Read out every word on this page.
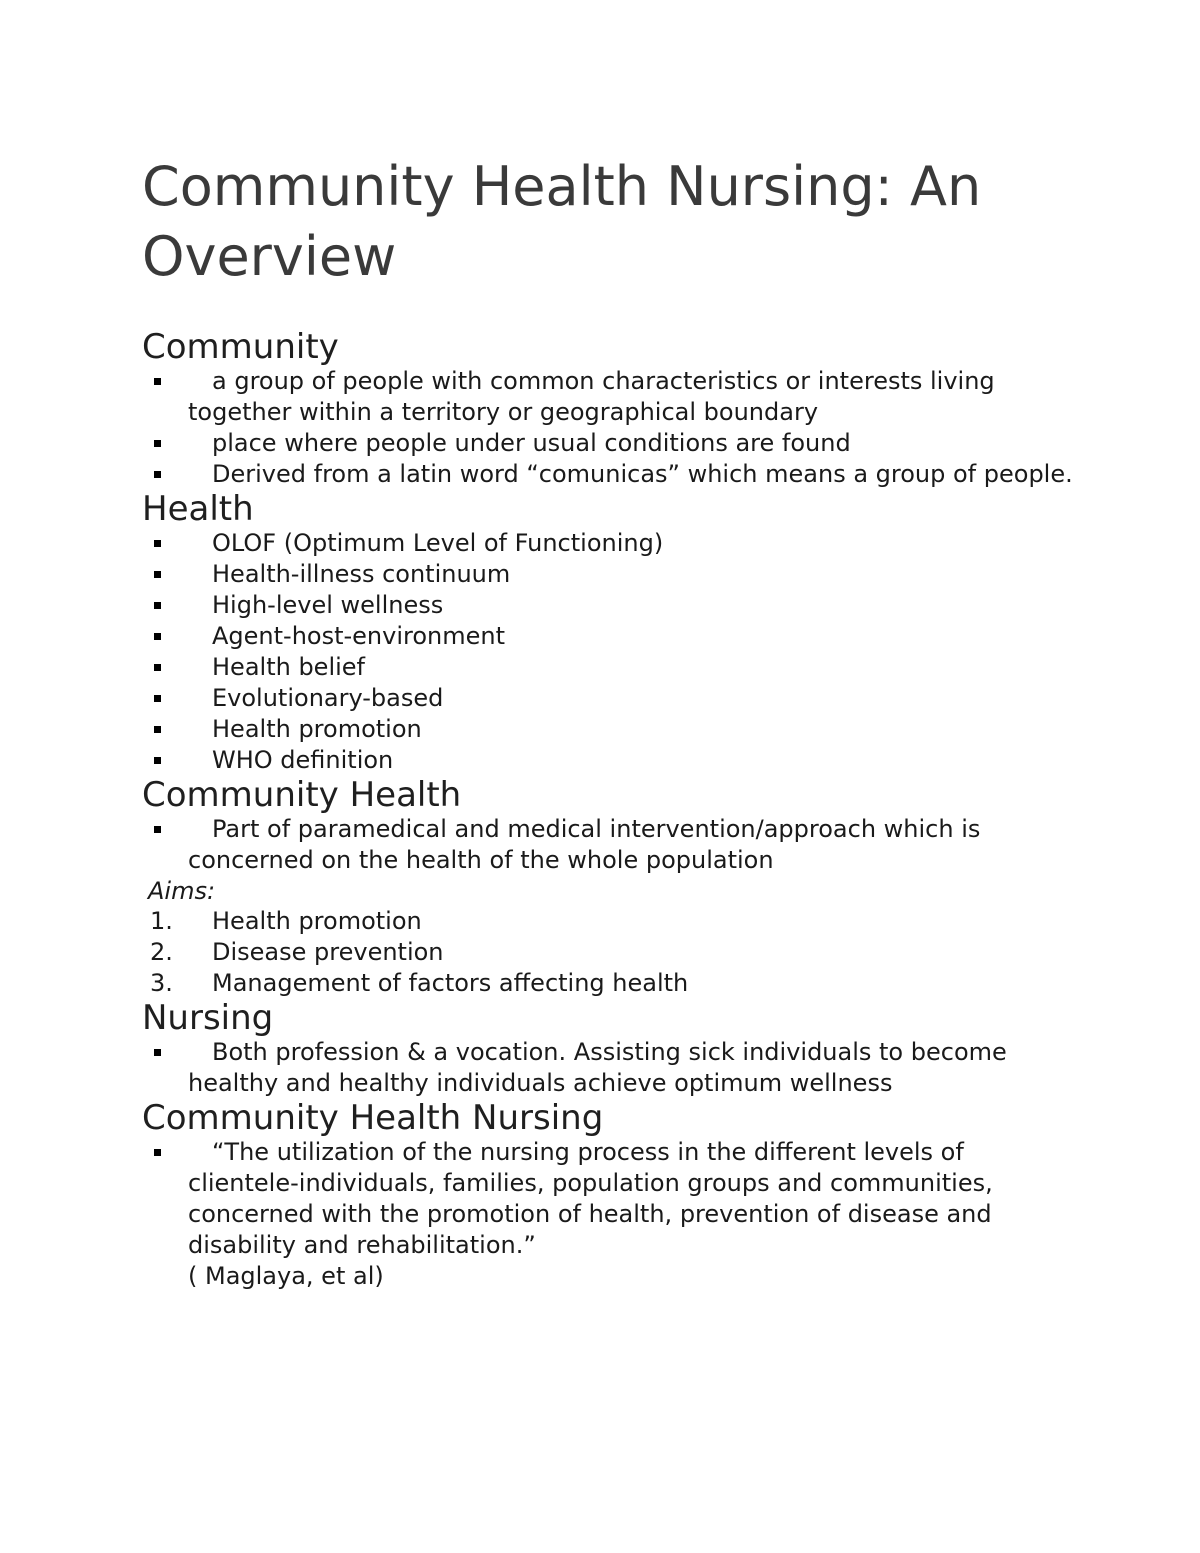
Community Health Nursing: An Overview
Community
a group of people with common characteristics or interests living together within a territory or geographical boundary
place where people under usual conditions are found
Derived from a latin word “comunicas” which means a group of people.
Health
OLOF (Optimum Level of Functioning)
Health-illness continuum
High-level wellness
Agent-host-environment
Health belief
Evolutionary-based
Health promotion
WHO definition
Community Health
Part of paramedical and medical intervention/approach which is concerned on the health of the whole population
Aims:
1.	Health promotion
2.	Disease prevention
3.	Management of factors affecting health
Nursing
Both profession & a vocation. Assisting sick individuals to become healthy and healthy individuals achieve optimum wellness
Community Health Nursing
“The utilization of the nursing process in the different levels of clientele-individuals, families, population groups and communities, concerned with the promotion of health, prevention of disease and disability and rehabilitation.”
( Maglaya, et al)
